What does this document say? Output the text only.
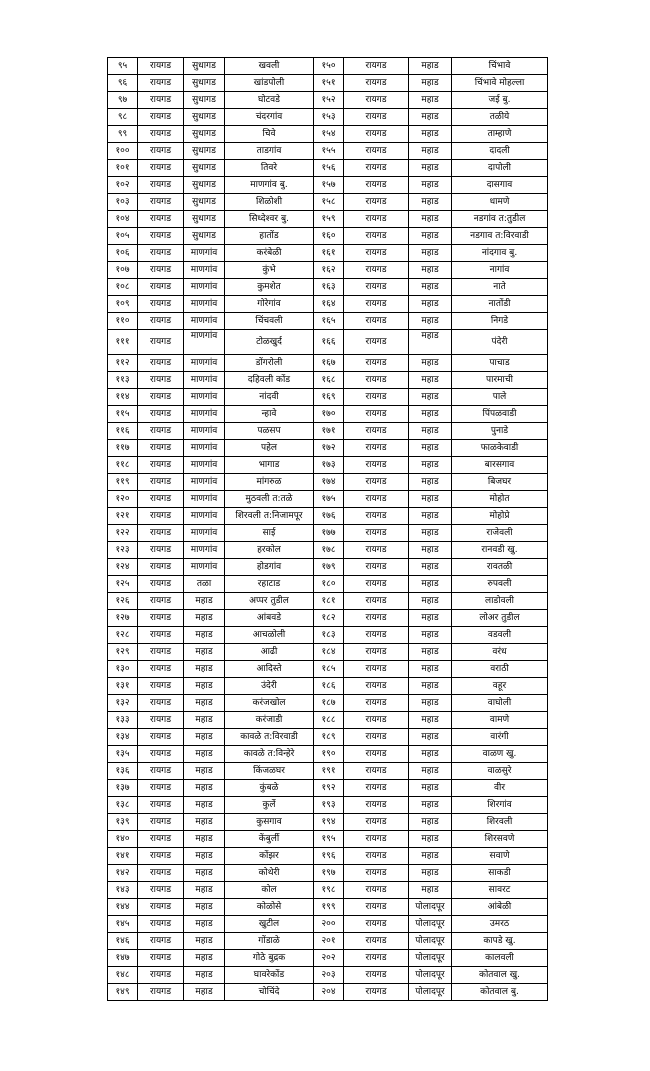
९५	रायगड	सुधागड	खवली	१५०	रायगड	महाड	चिंभावे
९६	रायगड	सुधागड	खांडपोली	१५१	रायगड	महाड	चिंभावे मोहल्ला
९७	रायगड	सुधागड	घोटवडे	१५२	रायगड	महाड	जई बु.
९८	रायगड	सुधागड	चंदरगांव	१५३	रायगड	महाड	तळीये
९९	रायगड	सुधागड	चिवे	१५४	रायगड	महाड	ताम्हाणे
१००	रायगड	सुधागड	ताडगांव	१५५	रायगड	महाड	दादली
१०१	रायगड	सुधागड	तिवरे	१५६	रायगड	महाड	दापोली
१०२	रायगड	सुधागड	माणगांव बु.	१५७	रायगड	महाड	दासगाव
१०३	रायगड	सुधागड	शिळोशी	१५८	रायगड	महाड	धामणे
१०४	रायगड	सुधागड	सिध्देश्वर बु.	१५९	रायगड	महाड	नडगांव त:तुडील
१०५	रायगड	सुधागड	हातोंड	१६०	रायगड	महाड	नडगाव त:विरवाडी
१०६	रायगड	माणगांव	करंबेळी	१६१	रायगड	महाड	नांदगाव बु.
१०७	रायगड	माणगांव	कुंभे	१६२	रायगड	महाड	नागांव
१०८	रायगड	माणगांव	कुमशेत	१६३	रायगड	महाड	नाते
१०९	रायगड	माणगांव	गोरेगांव	१६४	रायगड	महाड	नातोंडी
११०	रायगड	माणगांव	चिंचवली	१६५	रायगड	महाड	निगडे
१११	रायगड	माणगांव	टोळखुर्द	१६६	रायगड	महाड	पंदेरी
११२	रायगड	माणगांव	डोंगरोली	१६७	रायगड	महाड	पाचाड
११३	रायगड	माणगांव	दहिवली कोंड	१६८	रायगड	महाड	पारमाची
११४	रायगड	माणगांव	नांदवी	१६९	रायगड	महाड	पाले
११५	रायगड	माणगांव	न्हावे	१७०	रायगड	महाड	पिंपळवाडी
११६	रायगड	माणगांव	पळसप	१७१	रायगड	महाड	पुनाडे
११७	रायगड	माणगांव	पहेल	१७२	रायगड	महाड	फाळकेवाडी
११८	रायगड	माणगांव	भागाड	१७३	रायगड	महाड	बारसगाव
११९	रायगड	माणगांव	मांगरुळ	१७४	रायगड	महाड	बिजघर
१२०	रायगड	माणगांव	मुठवली त:तळे	१७५	रायगड	महाड	मोहोत
१२१	रायगड	माणगांव	शिरवली त:निजामपूर	१७६	रायगड	महाड	मोहोप्रे
१२२	रायगड	माणगांव	साई	१७७	रायगड	महाड	राजेवली
१२३	रायगड	माणगांव	हरकोल	१७८	रायगड	महाड	रानवडी खु.
१२४	रायगड	माणगांव	होडगांव	१७९	रायगड	महाड	रावतळी
१२५	रायगड	तळा	रहाटाड	१८०	रायगड	महाड	रुपवली
१२६	रायगड	महाड	अप्पर तुडील	१८१	रायगड	महाड	लाडोवली
१२७	रायगड	महाड	आंबवडे	१८२	रायगड	महाड	लोअर तुडील
१२८	रायगड	महाड	आचळोली	१८३	रायगड	महाड	वडवली
१२९	रायगड	महाड	आढी	१८४	रायगड	महाड	वरंध
१३०	रायगड	महाड	आदिस्ते	१८५	रायगड	महाड	वराठी
१३१	रायगड	महाड	उंदेरी	१८६	रायगड	महाड	वहूर
१३२	रायगड	महाड	करंजखोल	१८७	रायगड	महाड	वाघोली
१३३	रायगड	महाड	करंजाडी	१८८	रायगड	महाड	वामणे
१३४	रायगड	महाड	कावळे त:विरवाडी	१८९	रायगड	महाड	वारंगी
१३५	रायगड	महाड	कावळे त:विन्हेरे	१९०	रायगड	महाड	वाळण खु.
१३६	रायगड	महाड	किंजळघर	१९१	रायगड	महाड	वाळसुरे
१३७	रायगड	महाड	कुंबळे	१९२	रायगड	महाड	वीर
१३८	रायगड	महाड	कुर्ले	१९३	रायगड	महाड	शिरगांव
१३९	रायगड	महाड	कुसगाव	१९४	रायगड	महाड	शिरवली
१४०	रायगड	महाड	केंबुर्ली	१९५	रायगड	महाड	शिरसवणे
१४१	रायगड	महाड	कोंझर	१९६	रायगड	महाड	सवाणे
१४२	रायगड	महाड	कोथेरी	१९७	रायगड	महाड	साकडी
१४३	रायगड	महाड	कोल	१९८	रायगड	महाड	सावरट
१४४	रायगड	महाड	कोळोसे	१९९	रायगड	पोलादपूर	आंबेळी
१४५	रायगड	महाड	खुटील	२००	रायगड	पोलादपूर	उमरठ
१४६	रायगड	महाड	गोंडाळे	२०१	रायगड	पोलादपूर	कापडे खु.
१४७	रायगड	महाड	गोठे बुद्रक	२०२	रायगड	पोलादपूर	कालवली
१४८	रायगड	महाड	घावरेकोंड	२०३	रायगड	पोलादपूर	कोतवाल खु.
१४९	रायगड	महाड	चोचिंदे	२०४	रायगड	पोलादपूर	कोतवाल बु.
